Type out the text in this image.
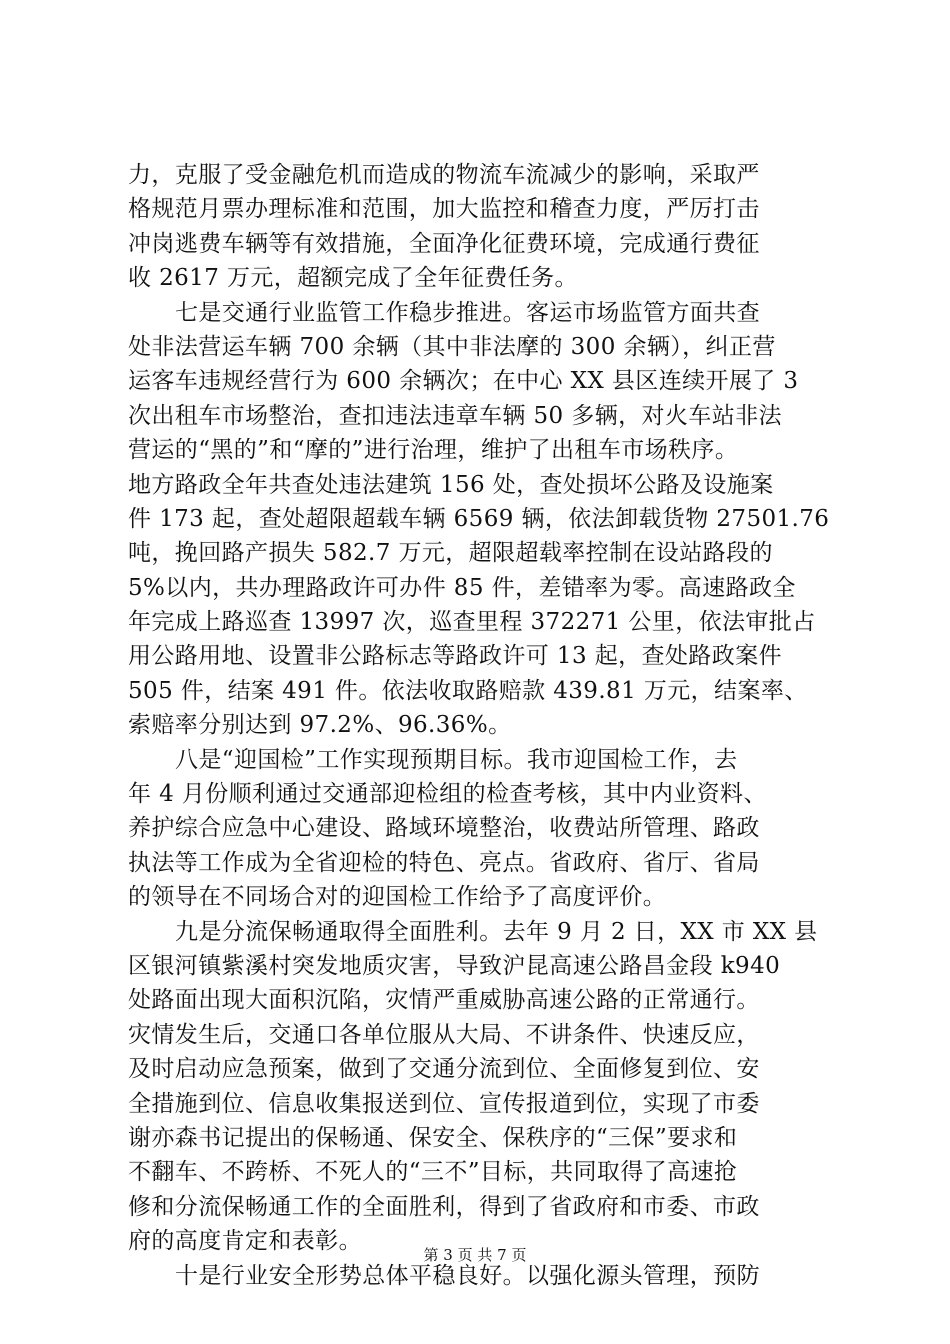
力，克服了受金融危机而造成的物流车流减少的影响，采取严
格规范月票办理标准和范围，加大监控和稽查力度，严厉打击
冲岗逃费车辆等有效措施，全面净化征费环境，完成通行费征
收 2617 万元，超额完成了全年征费任务。
七是交通行业监管工作稳步推进。客运市场监管方面共查
处非法营运车辆 700 余辆（其中非法摩的 300 余辆），纠正营
运客车违规经营行为 600 余辆次；在中心 XX 县区连续开展了 3
次出租车市场整治，查扣违法违章车辆 50 多辆，对火车站非法
营运的“黑的”和“摩的”进行治理，维护了出租车市场秩序。
地方路政全年共查处违法建筑 156 处，查处损坏公路及设施案
件 173 起，查处超限超载车辆 6569 辆，依法卸载货物 27501.76
吨，挽回路产损失 582.7 万元，超限超载率控制在设站路段的
5%以内，共办理路政许可办件 85 件，差错率为零。高速路政全
年完成上路巡查 13997 次，巡查里程 372271 公里，依法审批占
用公路用地、设置非公路标志等路政许可 13 起，查处路政案件
505 件，结案 491 件。依法收取路赔款 439.81 万元，结案率、
索赔率分别达到 97.2%、96.36%。
八是“迎国检”工作实现预期目标。我市迎国检工作，去
年 4 月份顺利通过交通部迎检组的检查考核，其中内业资料、
养护综合应急中心建设、路域环境整治，收费站所管理、路政
执法等工作成为全省迎检的特色、亮点。省政府、省厅、省局
的领导在不同场合对的迎国检工作给予了高度评价。
九是分流保畅通取得全面胜利。去年 9 月 2 日，XX 市 XX 县
区银河镇紫溪村突发地质灾害，导致沪昆高速公路昌金段 k940
处路面出现大面积沉陷，灾情严重威胁高速公路的正常通行。
灾情发生后，交通口各单位服从大局、不讲条件、快速反应，
及时启动应急预案，做到了交通分流到位、全面修复到位、安
全措施到位、信息收集报送到位、宣传报道到位，实现了市委
谢亦森书记提出的保畅通、保安全、保秩序的“三保”要求和
不翻车、不跨桥、不死人的“三不”目标，共同取得了高速抢
修和分流保畅通工作的全面胜利，得到了省政府和市委、市政
府的高度肯定和表彰。
十是行业安全形势总体平稳良好。以强化源头管理，预防
第 3 页 共 7 页
